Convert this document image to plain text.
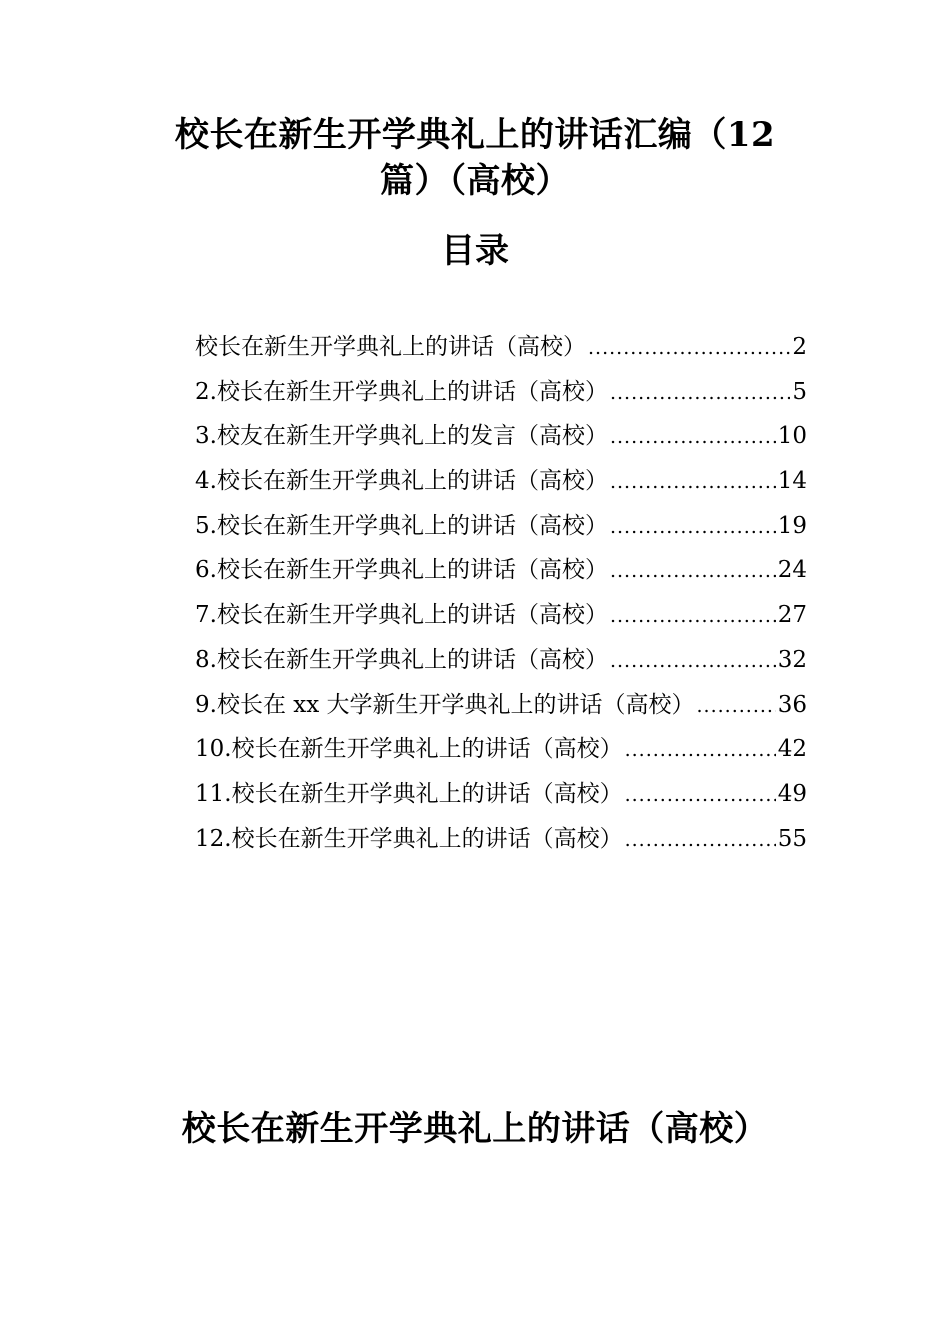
校长在新生开学典礼上的讲话汇编（12
篇）（高校）
目录
校长在新生开学典礼上的讲话（高校） .....	2
2.校长在新生开学典礼上的讲话（高校） .....	5
3.校友在新生开学典礼上的发言（高校） .....	10
4.校长在新生开学典礼上的讲话（高校） .....	14
5.校长在新生开学典礼上的讲话（高校） .....	19
6.校长在新生开学典礼上的讲话（高校） .....	24
7.校长在新生开学典礼上的讲话（高校） .....	27
8.校长在新生开学典礼上的讲话（高校） .....	32
9.校长在 xx 大学新生开学典礼上的讲话（高校） .....	36
10.校长在新生开学典礼上的讲话（高校） .....	42
11.校长在新生开学典礼上的讲话（高校） .....	49
12.校长在新生开学典礼上的讲话（高校） .....	55
校长在新生开学典礼上的讲话（高校）
